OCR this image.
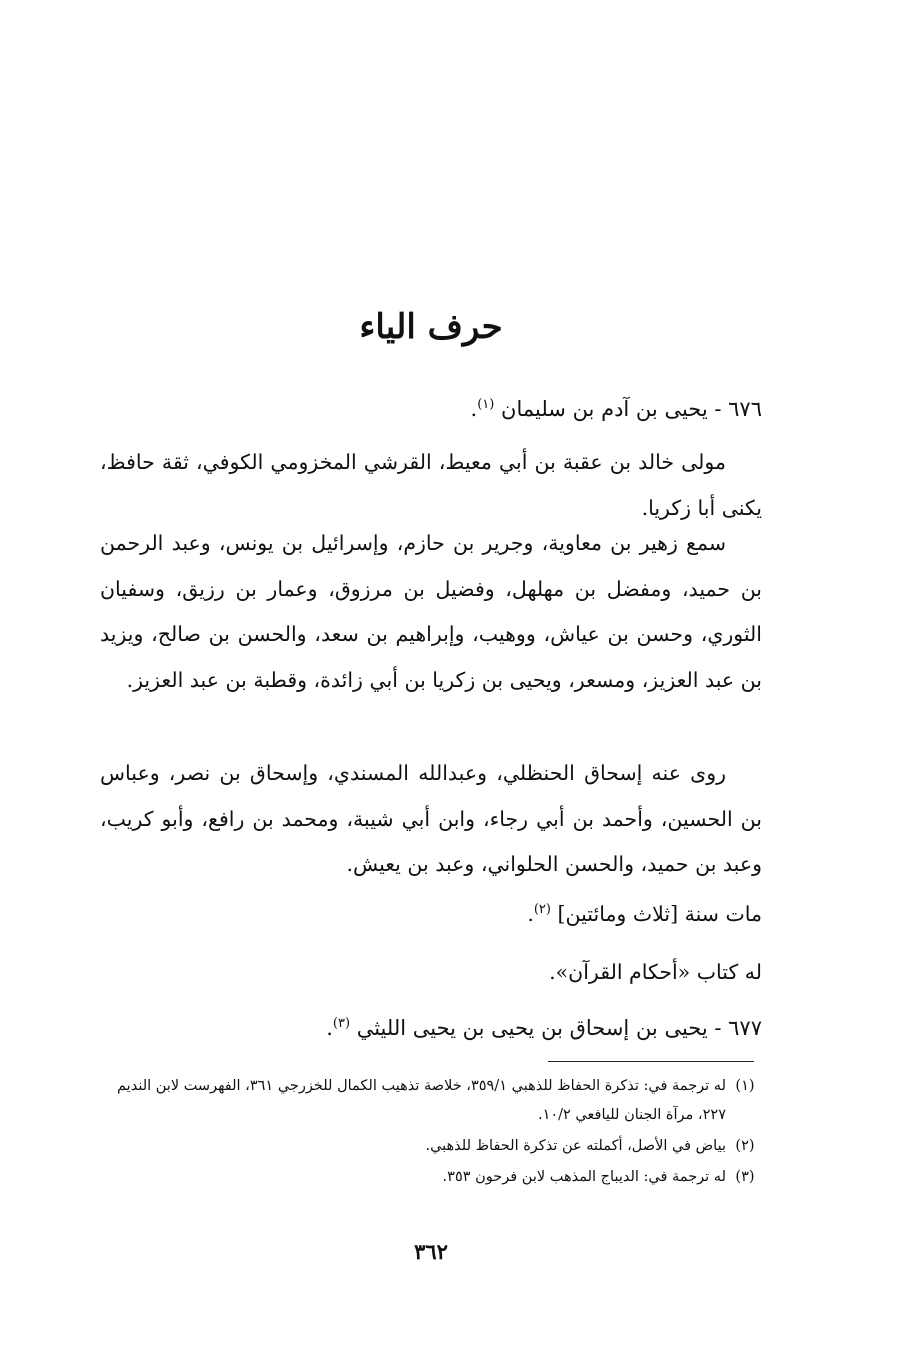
حرف الياء
٦٧٦ - يحيى بن آدم بن سليمان $^{(١)}$.
مولى خالد بن عقبة بن أبي معيط، القرشي المخزومي الكوفي، ثقة حافظ، يكنى أبا زكريا.
سمع زهير بن معاوية، وجرير بن حازم، وإسرائيل بن يونس، وعبد الرحمن بن حميد، ومفضل بن مهلهل، وفضيل بن مرزوق، وعمار بن رزيق، وسفيان الثوري، وحسن بن عياش، ووهيب، وإبراهيم بن سعد، والحسن بن صالح، ويزيد بن عبد العزيز، ومسعر، ويحيى بن زكريا بن أبي زائدة، وقطبة بن عبد العزيز.
روى عنه إسحاق الحنظلي، وعبدالله المسندي، وإسحاق بن نصر، وعباس بن الحسين، وأحمد بن أبي رجاء، وابن أبي شيبة، ومحمد بن رافع، وأبو كريب، وعبد بن حميد، والحسن الحلواني، وعبد بن يعيش.
مات سنة [ثلاث ومائتين] $^{(٢)}$.
له كتاب «أحكام القرآن».
٦٧٧ - يحيى بن إسحاق بن يحيى بن يحيى الليثي $^{(٣)}$.
(١)
له ترجمة في: تذكرة الحفاظ للذهبي ٣٥٩/١، خلاصة تذهيب الكمال للخزرجي ٣٦١، الفهرست لابن النديم ٢٢٧، مرآة الجنان لليافعي ١٠/٢.
(٢)
بياض في الأصل، أكملته عن تذكرة الحفاظ للذهبي.
(٣)
له ترجمة في: الديباج المذهب لابن فرحون ٣٥٣.
٣٦٢
